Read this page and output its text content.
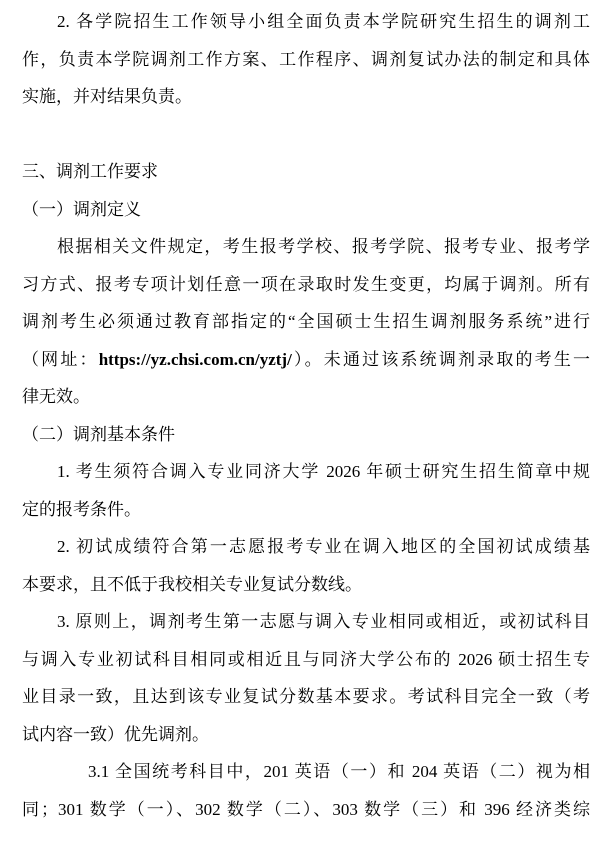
2. 各学院招生工作领导小组全面负责本学院研究生招生的调剂工
作，负责本学院调剂工作方案、工作程序、调剂复试办法的制定和具体
实施，并对结果负责。
三、调剂工作要求
（一）调剂定义
根据相关文件规定，考生报考学校、报考学院、报考专业、报考学
习方式、报考专项计划任意一项在录取时发生变更，均属于调剂。所有
调剂考生必须通过教育部指定的“全国硕士生招生调剂服务系统”进行
（网址：https://yz.chsi.com.cn/yztj/）。未通过该系统调剂录取的考生一
律无效。
（二）调剂基本条件
1. 考生须符合调入专业同济大学 2026 年硕士研究生招生简章中规
定的报考条件。
2. 初试成绩符合第一志愿报考专业在调入地区的全国初试成绩基
本要求，且不低于我校相关专业复试分数线。
3. 原则上，调剂考生第一志愿与调入专业相同或相近，或初试科目
与调入专业初试科目相同或相近且与同济大学公布的 2026 硕士招生专
业目录一致，且达到该专业复试分数基本要求。考试科目完全一致（考
试内容一致）优先调剂。
3.1 全国统考科目中，201 英语（一）和 204 英语（二）视为相
同；301 数学（一）、302 数学（二）、303 数学（三）和 396 经济类综
